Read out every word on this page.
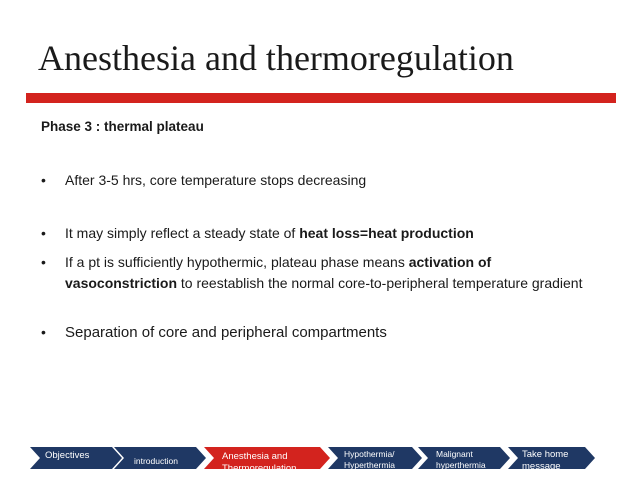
Anesthesia and thermoregulation
Phase 3 : thermal plateau
•	After 3-5 hrs, core temperature stops decreasing
•	It may simply reflect a steady state of heat loss=heat production
•	If a pt is sufficiently hypothermic, plateau phase means activation of vasoconstriction to reestablish the normal core-to-peripheral temperature gradient
•	Separation of core and peripheral compartments
Objectives	introduction	Anesthesia and Thermoregulation
Hypothermia/ Hyperthermia
Malignant hyperthermia
Take home message
